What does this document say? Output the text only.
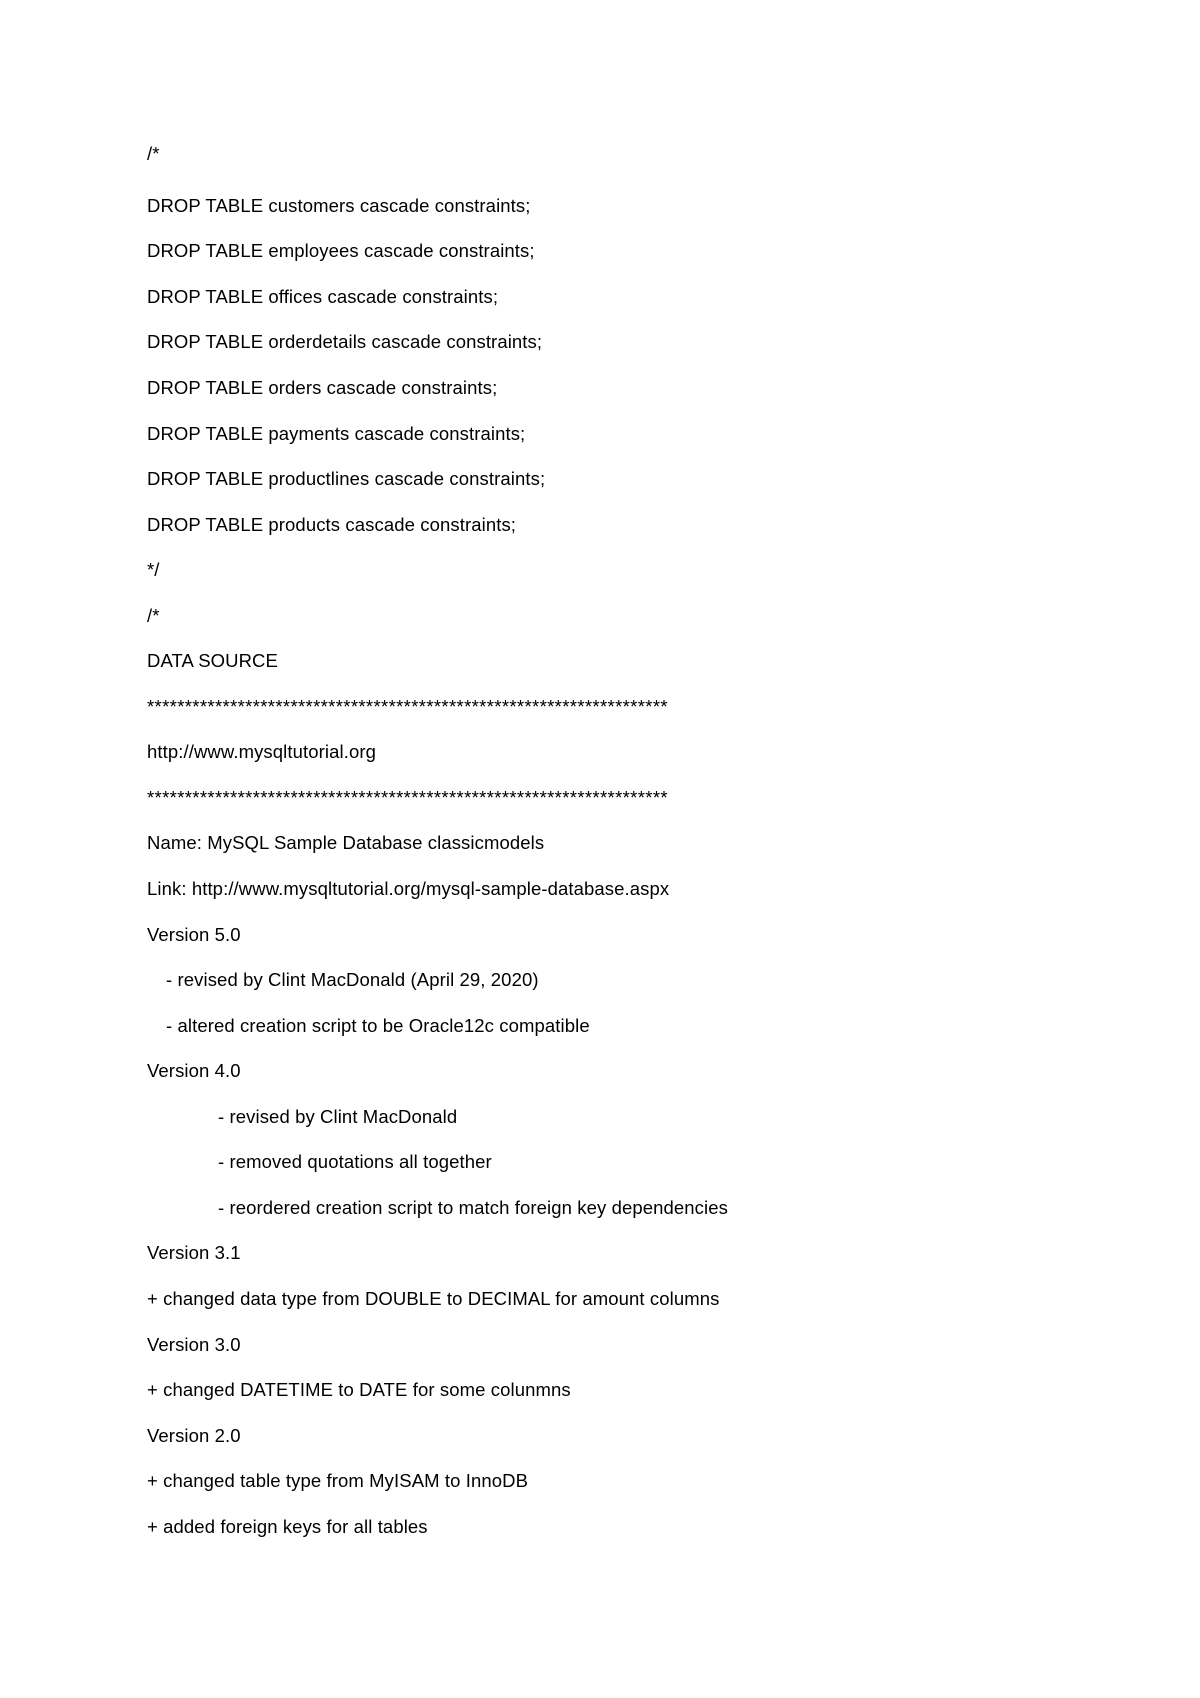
/*
DROP TABLE customers cascade constraints;
DROP TABLE employees cascade constraints;
DROP TABLE offices cascade constraints;
DROP TABLE orderdetails cascade constraints;
DROP TABLE orders cascade constraints;
DROP TABLE payments cascade constraints;
DROP TABLE productlines cascade constraints;
DROP TABLE products cascade constraints;
*/
/*
DATA SOURCE
*********************************************************************
http://www.mysqltutorial.org
*********************************************************************
Name: MySQL Sample Database classicmodels
Link: http://www.mysqltutorial.org/mysql-sample-database.aspx
Version 5.0
- revised by Clint MacDonald (April 29, 2020)
- altered creation script to be Oracle12c compatible
Version 4.0
- revised by Clint MacDonald
- removed quotations all together
- reordered creation script to match foreign key dependencies
Version 3.1
+ changed data type from DOUBLE to DECIMAL for amount columns
Version 3.0
+ changed DATETIME to DATE for some colunmns
Version 2.0
+ changed table type from MyISAM to InnoDB
+ added foreign keys for all tables
